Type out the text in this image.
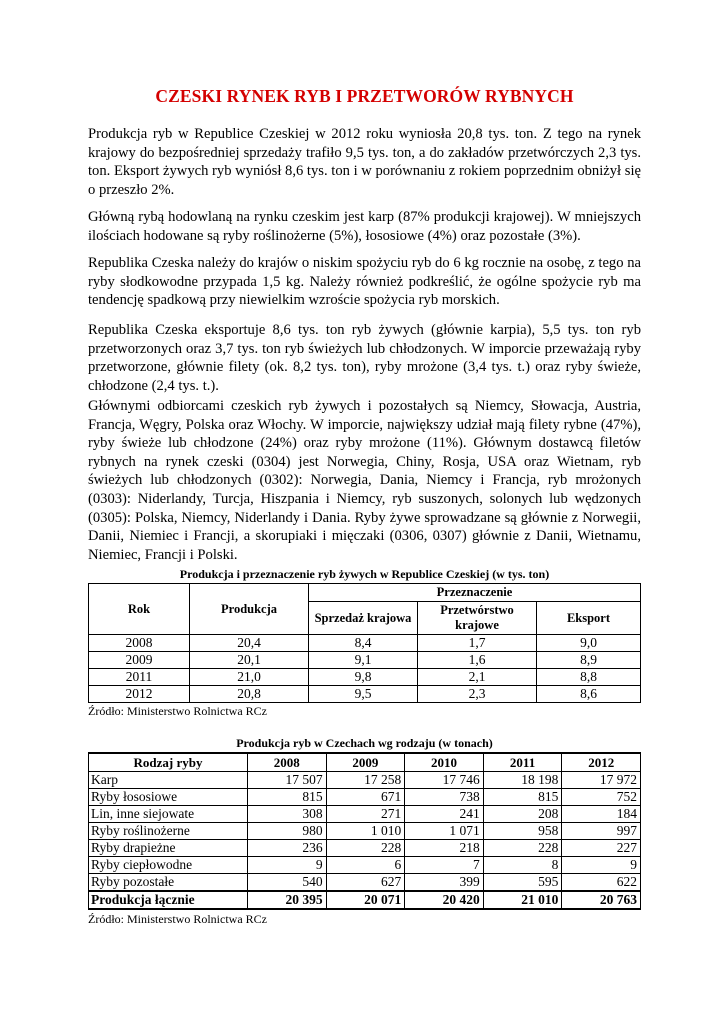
CZESKI RYNEK RYB I PRZETWORÓW RYBNYCH

Produkcja ryb w Republice Czeskiej w 2012 roku wyniosła 20,8 tys. ton. Z tego na rynek krajowy do bezpośredniej sprzedaży trafiło 9,5 tys. ton, a do zakładów przetwórczych 2,3 tys. ton. Eksport żywych ryb wyniósł 8,6 tys. ton i w porównaniu z rokiem poprzednim obniżył się o przeszło 2%.

Główną rybą hodowlaną na rynku czeskim jest karp (87% produkcji krajowej). W mniejszych ilościach hodowane są ryby roślinożerne (5%), łososiowe (4%) oraz pozostałe (3%).

Republika Czeska należy do krajów o niskim spożyciu ryb do 6 kg rocznie na osobę, z tego na ryby słodkowodne przypada 1,5 kg. Należy również podkreślić, że ogólne spożycie ryb ma tendencję spadkową przy niewielkim wzroście spożycia ryb morskich.

Republika Czeska eksportuje 8,6 tys. ton ryb żywych (głównie karpia), 5,5 tys. ton ryb przetworzonych oraz 3,7 tys. ton ryb świeżych lub chłodzonych. W imporcie przeważają ryby przetworzone, głównie filety (ok. 8,2 tys. ton), ryby mrożone (3,4 tys. t.) oraz ryby świeże, chłodzone (2,4 tys. t.).

Głównymi odbiorcami czeskich ryb żywych i pozostałych są Niemcy, Słowacja, Austria, Francja, Węgry, Polska oraz Włochy. W imporcie, największy udział mają filety rybne (47%), ryby świeże lub chłodzone (24%) oraz ryby mrożone (11%). Głównym dostawcą filetów rybnych na rynek czeski (0304) jest Norwegia, Chiny, Rosja, USA oraz Wietnam, ryb świeżych lub chłodzonych (0302): Norwegia, Dania, Niemcy i Francja, ryb mrożonych (0303): Niderlandy, Turcja, Hiszpania i Niemcy, ryb suszonych, solonych lub wędzonych (0305): Polska, Niemcy, Niderlandy i Dania. Ryby żywe sprowadzane są głównie z Norwegii, Danii, Niemiec i Francji, a skorupiaki i mięczaki (0306, 0307) głównie z Danii, Wietnamu, Niemiec, Francji i Polski.

Produkcja i przeznaczenie ryb żywych w Republice Czeskiej (w tys. ton)
Rok	Produkcja	Przeznaczenie		
		Sprzedaż krajowa	Przetwórstwo krajowe	Eksport
2008	20,4	8,4	1,7	9,0
2009	20,1	9,1	1,6	8,9
2011	21,0	9,8	2,1	8,8
2012	20,8	9,5	2,3	8,6
Źródło: Ministerstwo Rolnictwa RCz
Produkcja ryb w Czechach wg rodzaju (w tonach)
Rodzaj ryby	2008	2009	2010	2011	2012
Karp	17 507	17 258	17 746	18 198	17 972
Ryby łososiowe	815	671	738	815	752
Lin, inne siejowate	308	271	241	208	184
Ryby roślinożerne	980	1 010	1 071	958	997
Ryby drapieżne	236	228	218	228	227
Ryby ciepłowodne	9	6	7	8	9
Ryby pozostałe	540	627	399	595	622
Produkcja łącznie	20 395	20 071	20 420	21 010	20 763
Źródło: Ministerstwo Rolnictwa RCz
